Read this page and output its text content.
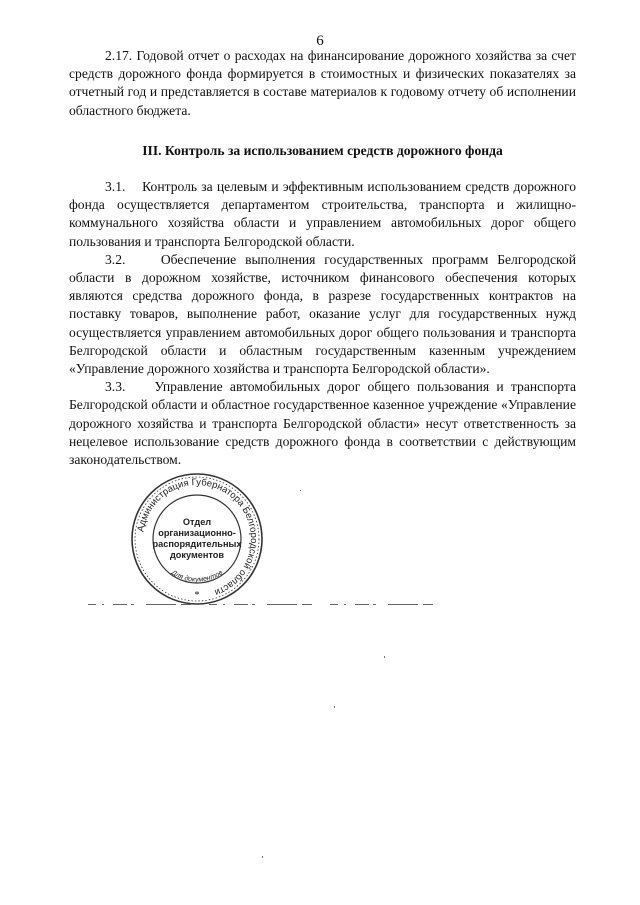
6

2.17. Годовой отчет о расходах на финансирование дорожного хозяйства за счет средств дорожного фонда формируется в стоимостных и физических показателях за отчетный год и представляется в составе материалов к годовому отчету об исполнении областного бюджета.

III. Контроль за использованием средств дорожного фонда

3.1.    Контроль за целевым и эффективным использованием средств дорожного фонда осуществляется департаментом строительства, транспорта и жилищно-коммунального хозяйства области и управлением автомобильных дорог общего пользования и транспорта Белгородской области.

3.2.    Обеспечение выполнения государственных программ Белгородской области в дорожном хозяйстве, источником финансового обеспечения которых являются средства дорожного фонда, в разрезе государственных контрактов на поставку товаров, выполнение работ, оказание услуг для государственных нужд осуществляется управлением автомобильных дорог общего пользования и транспорта Белгородской области и областным государственным казенным учреждением «Управление дорожного хозяйства и транспорта Белгородской области».

3.3.    Управление автомобильных дорог общего пользования и транспорта Белгородской области и областное государственное казенное учреждение «Управление дорожного хозяйства и транспорта Белгородской области» несут ответственность за нецелевое использование средств дорожного фонда в соответствии с действующим законодательством.

Администрация Губернатора Белгородской области
Для документов
*
Отдел
организационно-
распорядительных
документов
